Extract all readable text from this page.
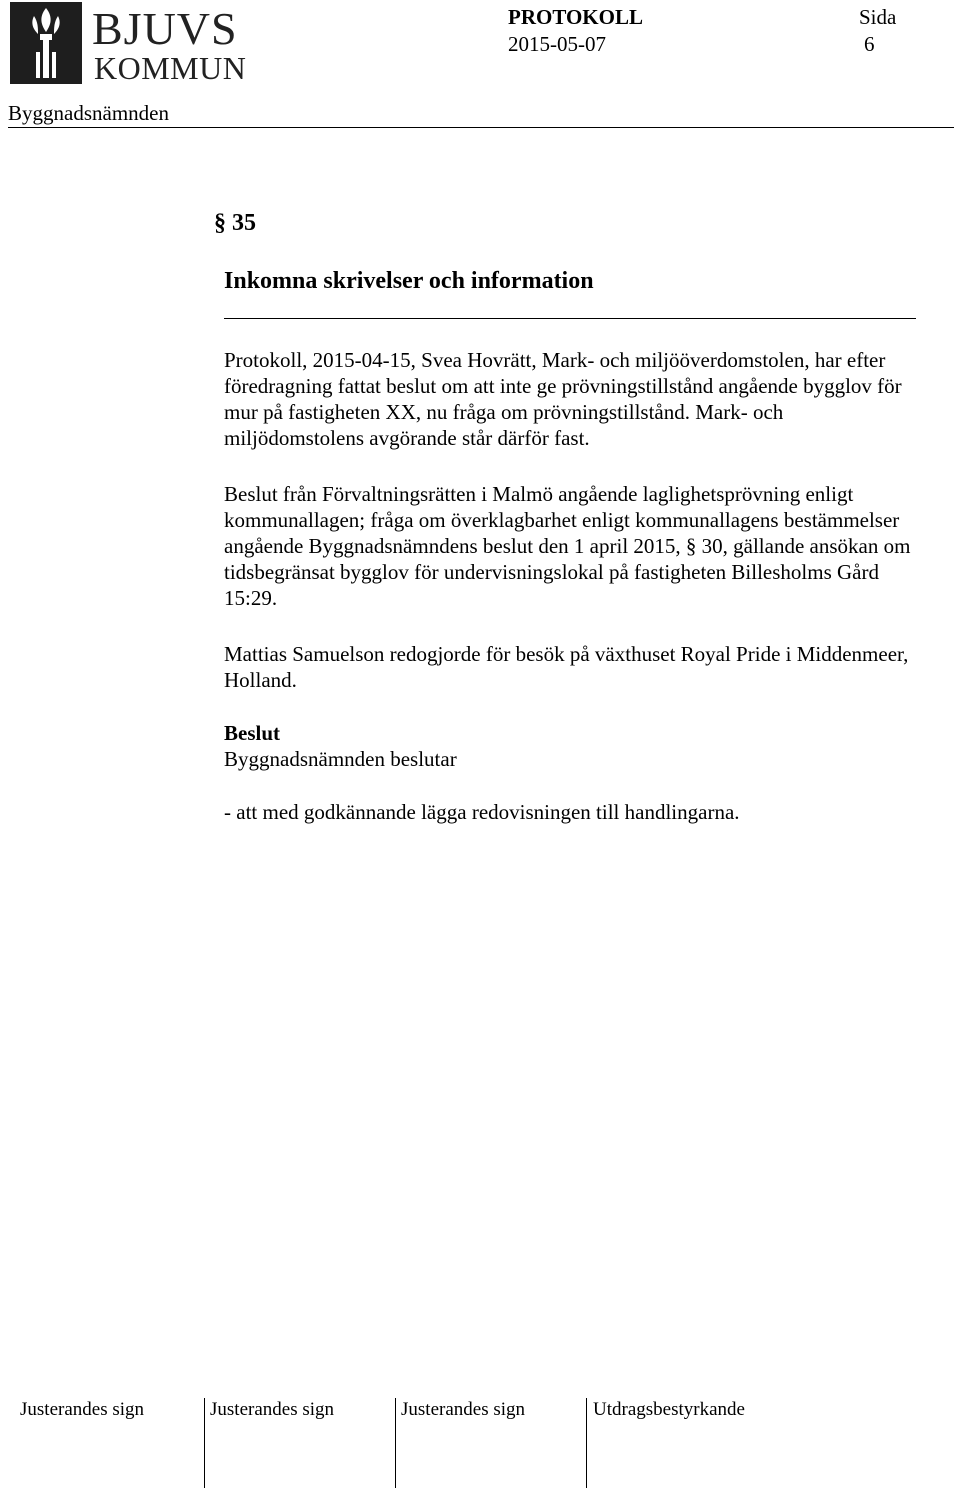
BJUVS
KOMMUN
PROTOKOLL
2015-05-07
Sida
6
Byggnadsnämnden
§ 35
Inkomna skrivelser och information

Protokoll, 2015-04-15, Svea Hovrätt, Mark- och miljööverdomstolen, har efter föredragning fattat beslut om att inte ge prövningstillstånd angående bygglov för mur på fastigheten XX, nu fråga om prövningstillstånd. Mark- och miljödomstolens avgörande står därför fast.

Beslut från Förvaltningsrätten i Malmö angående laglighetsprövning enligt kommunallagen; fråga om överklagbarhet enligt kommunallagens bestämmelser angående Byggnadsnämndens beslut den 1 april 2015, § 30, gällande ansökan om tidsbegränsat bygglov för undervisningslokal på fastigheten Billesholms Gård 15:29.

Mattias Samuelson redogjorde för besök på växthuset Royal Pride i Middenmeer, Holland.

Beslut
Byggnadsnämnden beslutar
- att med godkännande lägga redovisningen till handlingarna.
Justerandes sign	Justerandes sign	Justerandes sign	Utdragsbestyrkande
